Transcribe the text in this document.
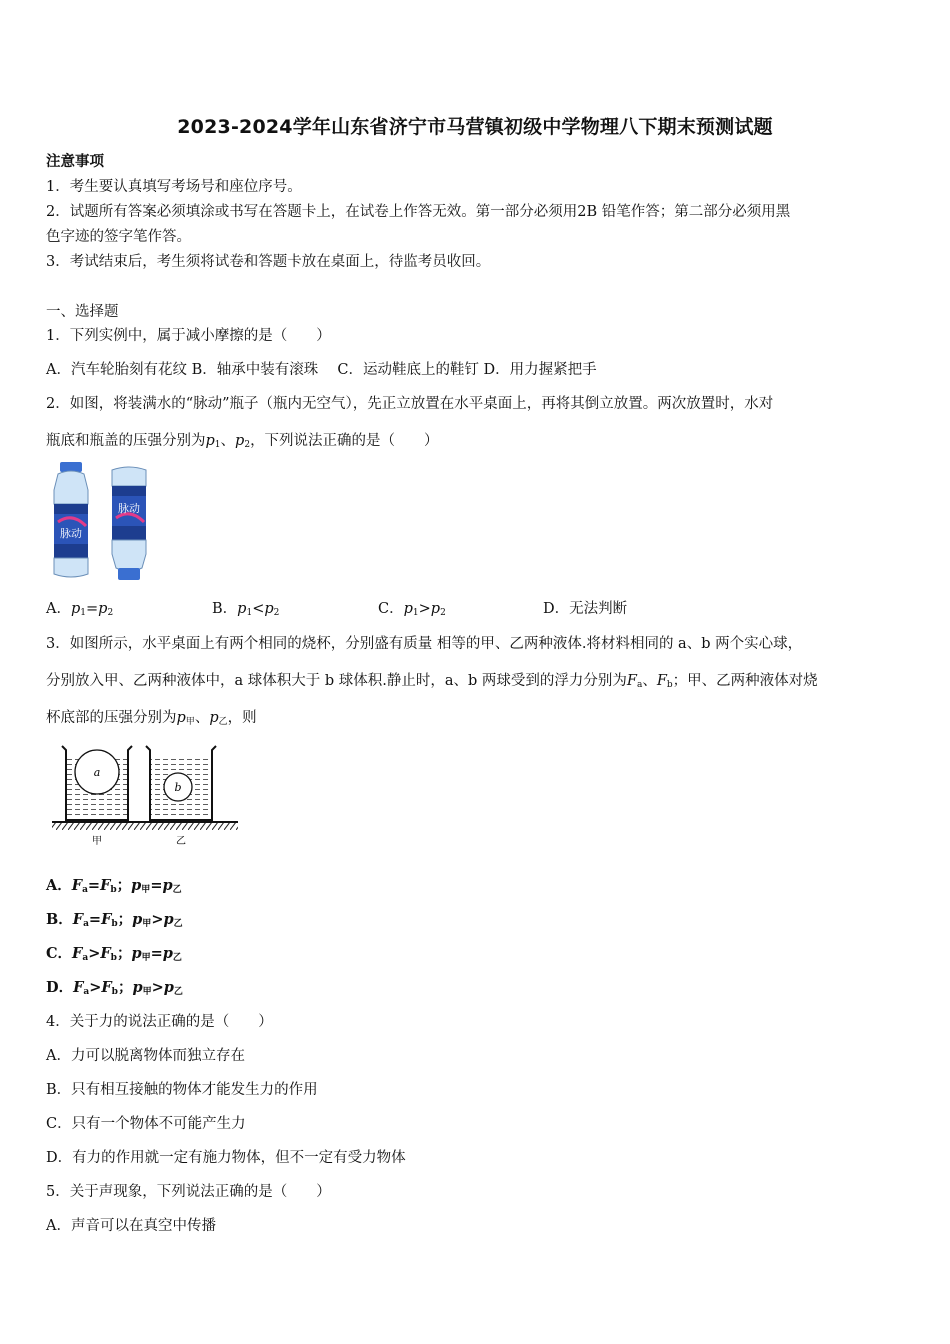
2023-2024学年山东省济宁市马营镇初级中学物理八下期末预测试题
注意事项
1．考生要认真填写考场号和座位序号。
2．试题所有答案必须填涂或书写在答题卡上，在试卷上作答无效。第一部分必须用2B 铅笔作答；第二部分必须用黑
色字迹的签字笔作答。
3．考试结束后，考生须将试卷和答题卡放在桌面上，待监考员收回。
一、选择题
1．下列实例中，属于减小摩擦的是（　　）
A．汽车轮胎刻有花纹 B．轴承中装有滚珠　 C．运动鞋底上的鞋钉 D．用力握紧把手
2．如图，将装满水的“脉动”瓶子（瓶内无空气），先正立放置在水平桌面上，再将其倒立放置。两次放置时，水对
瓶底和瓶盖的压强分别为$p_1$、$p_2$，下列说法正确的是（　　）
脉动
脉动
A．$p_1=p_2$	B．$p_1<p_2$	C．$p_1>p_2$	D．无法判断
3．如图所示，水平桌面上有两个相同的烧杯，分别盛有质量 相等的甲、乙两种液体.将材料相同的 a、b 两个实心球，
分别放入甲、乙两种液体中，a 球体积大于 b 球体积.静止时，a、b 两球受到的浮力分别为$F_a$、$F_b$；甲、乙两种液体对烧
杯底部的压强分别为$p_甲$、$p_乙$，则
a
b
甲	乙
A．$F_a=F_b$；$p_甲=p_乙$
B．$F_a=F_b$；$p_甲>p_乙$
C．$F_a>F_b$；$p_甲=p_乙$
D．$F_a>F_b$；$p_甲>p_乙$
4．关于力的说法正确的是（　　）
A．力可以脱离物体而独立存在
B．只有相互接触的物体才能发生力的作用
C．只有一个物体不可能产生力
D．有力的作用就一定有施力物体，但不一定有受力物体
5．关于声现象，下列说法正确的是（　　）
A．声音可以在真空中传播
